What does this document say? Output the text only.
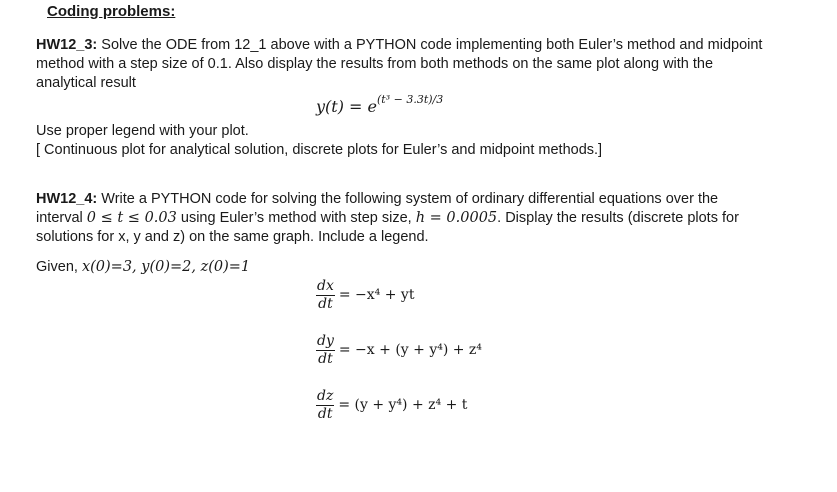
Coding problems:
HW12_3: Solve the ODE from 12_1 above with a PYTHON code implementing both Euler’s method and midpoint
method with a step size of 0.1. Also display the results from both methods on the same plot along with the
analytical result
$y(t) = e^{(t^3 - 3.3t)/3}$
Use proper legend with your plot.
[ Continuous plot for analytical solution, discrete plots for Euler’s and midpoint methods.]
HW12_4: Write a PYTHON code for solving the following system of ordinary differential equations over the
interval 0 ≤ t ≤ 0.03 using Euler’s method with step size, h = 0.0005. Display the results (discrete plots for
solutions for x, y and z) on the same graph. Include a legend.
Given, x(0)=3, y(0)=2, z(0)=1
$\frac{dx}{dt} = -x^4$ + yt
$\frac{dy}{dt} = -x + (y + y^4) + z^4$
$\frac{dz}{dt} = (y + y^4) + z^4 + t$
